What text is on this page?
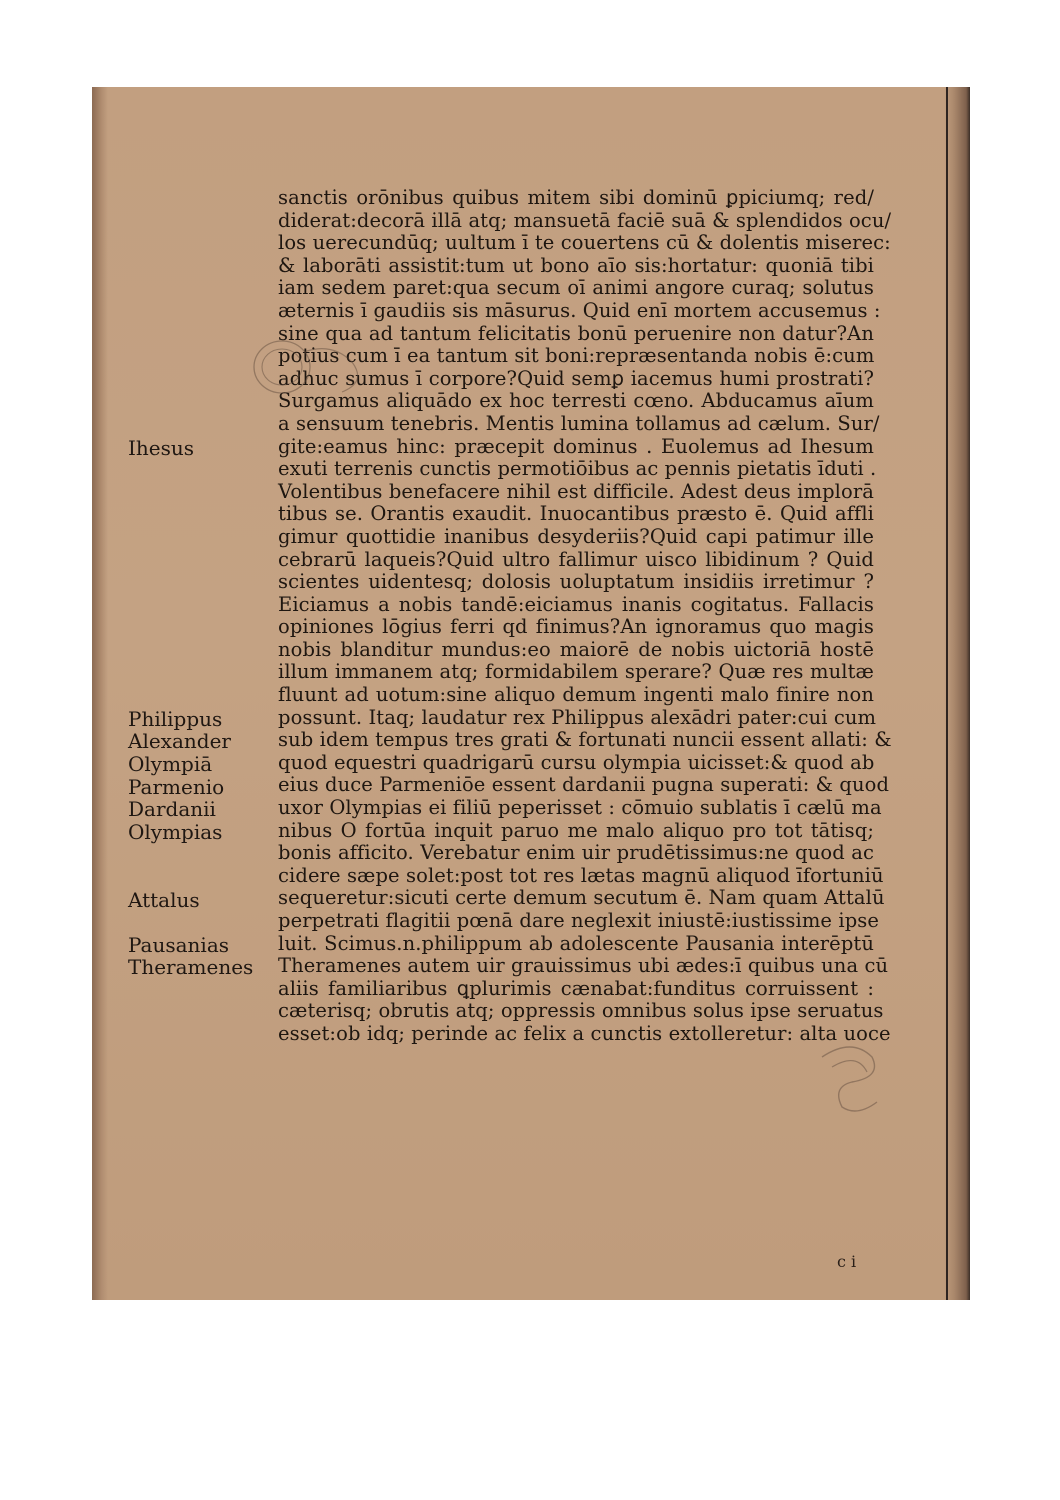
sanctis orōnibus quibus mitem sibi dominū ꝑpiciumq; red/
diderat:decorā illā atq; mansuetā faciē suā & splendidos ocu/
los uerecundūq; uultum ī te couertens cū & dolentis miserec:
& laborāti assistit:tum ut bono aīo sis:hortatur: quoniā tibi
iam sedem paret:qua secum oī animi angore curaq; solutus
æternis ī gaudiis sis māsurus. Quid enī mortem accusemus :
sine qua ad tantum felicitatis bonū peruenire non datur?An
potius cum ī ea tantum sit boni:repræsentanda nobis ē:cum
adhuc sumus ī corpore?Quid semꝑ iacemus humi prostrati?
Surgamus aliquādo ex hoc terresti cœno. Abducamus aīum
a sensuum tenebris. Mentis lumina tollamus ad cælum. Sur/
gite:eamus hinc: præcepit dominus . Euolemus ad Ihesum
exuti terrenis cunctis permotiōibus ac pennis pietatis īduti .
Volentibus benefacere nihil est difficile. Adest deus implorā
tibus se. Orantis exaudit. Inuocantibus præsto ē. Quid affli
gimur quottidie inanibus desyderiis?Quid capi patimur ille
cebrarū laqueis?Quid ultro fallimur uisco libidinum ? Quid
scientes uidentesq; dolosis uoluptatum insidiis irretimur ?
Eiciamus a nobis tandē:eiciamus inanis cogitatus. Fallacis
opiniones lōgius ferri qd finimus?An ignoramus quo magis
nobis blanditur mundus:eo maiorē de nobis uictoriā hostē
illum immanem atq; formidabilem sperare? Quæ res multæ
fluunt ad uotum:sine aliquo demum ingenti malo finire non
possunt. Itaq; laudatur rex Philippus alexādri pater:cui cum
sub idem tempus tres grati & fortunati nuncii essent allati: &
quod equestri quadrigarū cursu olympia uicisset:& quod ab
eius duce Parmeniōe essent dardanii pugna superati: & quod
uxor Olympias ei filiū peperisset : cōmuio sublatis ī cælū ma
nibus O fortūa inquit paruo me malo aliquo pro tot tātisq;
bonis afficito. Verebatur enim uir prudētissimus:ne quod ac
cidere sæpe solet:post tot res lætas magnū aliquod īfortuniū
sequeretur:sicuti certe demum secutum ē. Nam quam Attalū
perpetrati flagitii pœnā dare neglexit iniustē:iustissime ipse
luit. Scimus.n.philippum ab adolescente Pausania interēptū
Theramenes autem uir grauissimus ubi ædes:ī quibus una cū
aliis familiaribus ꝗplurimis cænabat:funditus corruissent :
cæterisq; obrutis atq; oppressis omnibus solus ipse seruatus
esset:ob idq; perinde ac felix a cunctis extolleretur: alta uoce
Ihesus
Philippus
Alexander
Olympiā
Parmenio
Dardanii
Olympias
Attalus
Pausanias
Theramenes
c i
